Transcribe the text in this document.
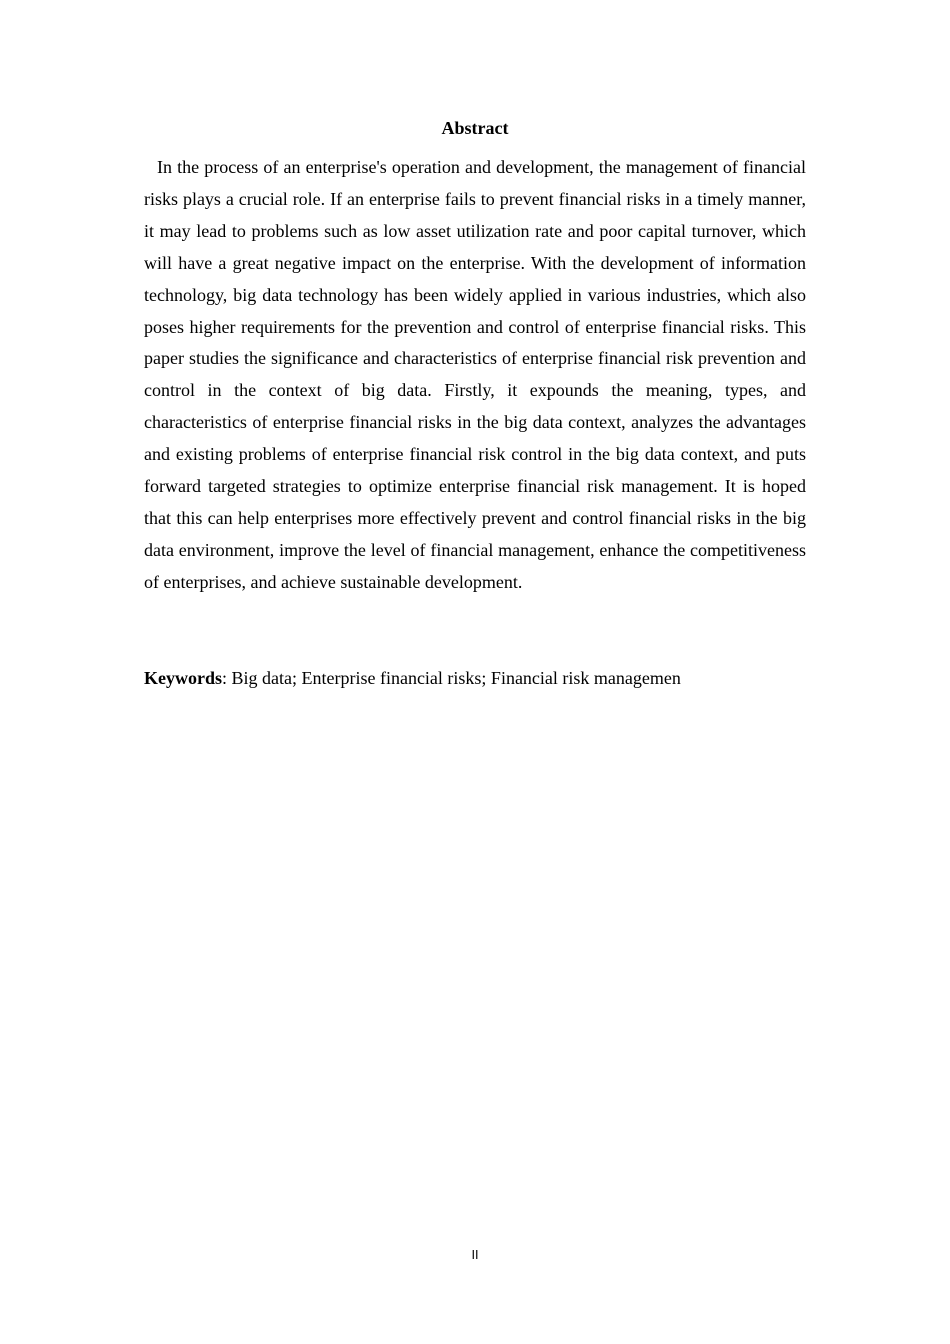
Abstract

In the process of an enterprise's operation and development, the management of financial risks plays a crucial role. If an enterprise fails to prevent financial risks in a timely manner, it may lead to problems such as low asset utilization rate and poor capital turnover, which will have a great negative impact on the enterprise. With the development of information technology, big data technology has been widely applied in various industries, which also poses higher requirements for the prevention and control of enterprise financial risks. This paper studies the significance and characteristics of enterprise financial risk prevention and control in the context of big data. Firstly, it expounds the meaning, types, and characteristics of enterprise financial risks in the big data context, analyzes the advantages and existing problems of enterprise financial risk control in the big data context, and puts forward targeted strategies to optimize enterprise financial risk management. It is hoped that this can help enterprises more effectively prevent and control financial risks in the big data environment, improve the level of financial management, enhance the competitiveness of enterprises, and achieve sustainable development.

Keywords: Big data; Enterprise financial risks; Financial risk managemen

II
